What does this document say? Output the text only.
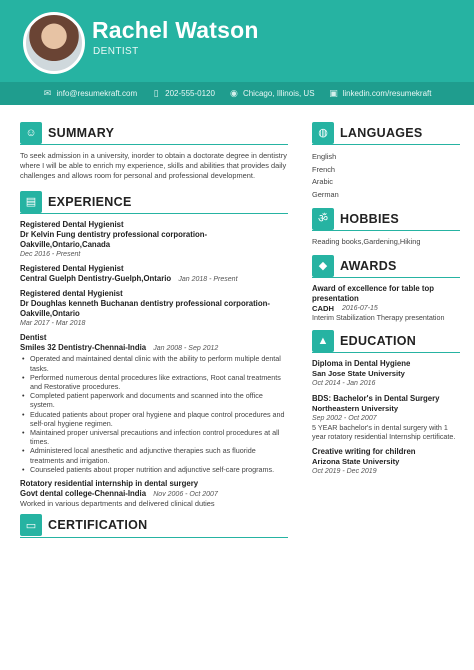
Rachel Watson
DENTIST
✉ info@resumekraft.com ▯ 202-555-0120 ◉ Chicago, Illinois, US ▣ linkedin.com/resumekraft
☺ SUMMARY
To seek admission in a university, inorder to obtain a doctorate degree in dentistry where I will be able to enrich my experience, skills and abilities that provides daily challenges and allows room for personal and professional development.
▤ EXPERIENCE
Registered Dental Hygienist
Dr Kelvin Fung dentistry professional corporation-Oakville,Ontario,Canada
Dec 2016 - Present
Registered Dental Hygienist
Central Guelph Dentistry-Guelph,Ontario Jan 2018 - Present
Registered dental Hygienist
Dr Doughlas kenneth Buchanan dentistry professional corporation-Oakville,Ontario
Mar 2017 - Mar 2018
Dentist
Smiles 32 Dentistry-Chennai-India Jan 2008 - Sep 2012
• Operated and maintained dental clinic with the ability to perform multiple dental tasks.
• Performed numerous dental procedures like extractions, Root canal treatments and Restorative procedures.
• Completed patient paperwork and documents and scanned into the office system.
• Educated patients about proper oral hygiene and plaque control procedures and self-oral hygiene regimen.
• Maintained proper universal precautions and infection control procedures at all times.
• Administered local anesthetic and adjunctive therapies such as fluoride treatments and irrigation.
• Counseled patients about proper nutrition and adjunctive self-care programs.
Rotatory residential internship in dental surgery
Govt dental college-Chennai-India Nov 2006 - Oct 2007
Worked in various departments and delivered clinical duties
▭ CERTIFICATION
◍ LANGUAGES
English
French
Arabic
German
ॐ HOBBIES
Reading books,Gardening,Hiking
◆	AWARDS
Award of excellence for table top presentation
CADH	2016-07-15
Interim Stabilization Therapy presentation
▲ EDUCATION
Diploma in Dental Hygiene
San Jose State University
Oct 2014 - Jan 2016
BDS: Bachelor's in Dental Surgery
Northeastern University
Sep 2002 - Oct 2007
5 YEAR bachelor's in dental surgery with 1 year rotatory residential Internship certificate.
Creative writing for children
Arizona State University
Oct 2019 - Dec 2019
